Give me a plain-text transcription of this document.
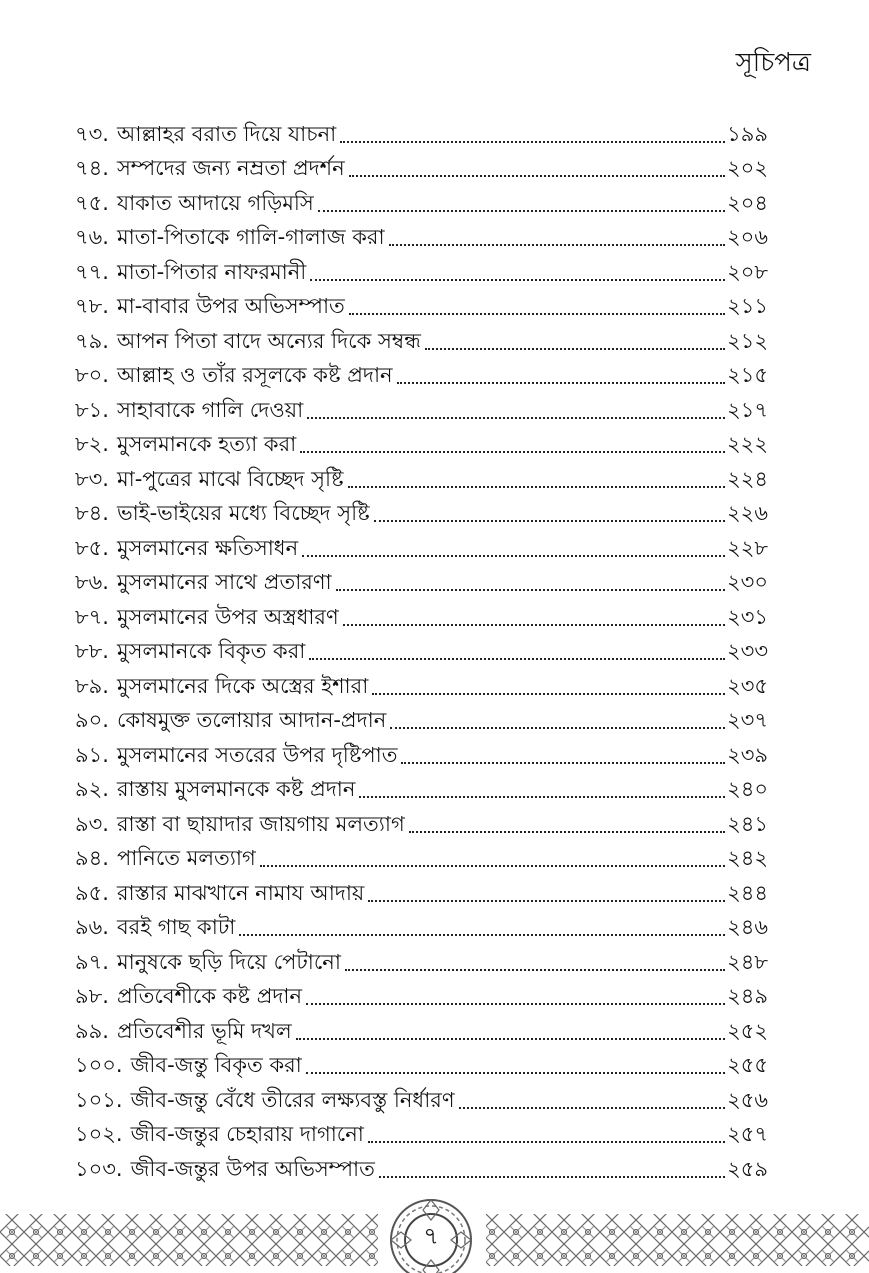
সূচিপত্র
৭৩. আল্লাহর বরাত দিয়ে যাচনা	১৯৯
৭৪. সম্পদের জন্য নম্রতা প্রদর্শন	২০২
৭৫. যাকাত আদায়ে গড়িমসি	২০৪
৭৬. মাতা-পিতাকে গালি-গালাজ করা	২০৬
৭৭. মাতা-পিতার নাফরমানী	২০৮
৭৮. মা-বাবার উপর অভিসম্পাত	২১১
৭৯. আপন পিতা বাদে অন্যের দিকে সম্বন্ধ	২১২
৮০. আল্লাহ ও তাঁর রসূলকে কষ্ট প্রদান	২১৫
৮১. সাহাবাকে গালি দেওয়া	২১৭
৮২. মুসলমানকে হত্যা করা	২২২
৮৩. মা-পুত্রের মাঝে বিচ্ছেদ সৃষ্টি	২২৪
৮৪. ভাই-ভাইয়ের মধ্যে বিচ্ছেদ সৃষ্টি	২২৬
৮৫. মুসলমানের ক্ষতিসাধন	২২৮
৮৬. মুসলমানের সাথে প্রতারণা	২৩০
৮৭. মুসলমানের উপর অস্ত্রধারণ	২৩১
৮৮. মুসলমানকে বিকৃত করা	২৩৩
৮৯. মুসলমানের দিকে অস্ত্রের ইশারা	২৩৫
৯০. কোষমুক্ত তলোয়ার আদান-প্রদান	২৩৭
৯১. মুসলমানের সতরের উপর দৃষ্টিপাত	২৩৯
৯২. রাস্তায় মুসলমানকে কষ্ট প্রদান	২৪০
৯৩. রাস্তা বা ছায়াদার জায়গায় মলত্যাগ	২৪১
৯৪. পানিতে মলত্যাগ	২৪২
৯৫. রাস্তার মাঝখানে নামায আদায়	২৪৪
৯৬. বরই গাছ কাটা	২৪৬
৯৭. মানুষকে ছড়ি দিয়ে পেটানো	২৪৮
৯৮. প্রতিবেশীকে কষ্ট প্রদান	২৪৯
৯৯. প্রতিবেশীর ভূমি দখল	২৫২
১০০. জীব-জন্তু বিকৃত করা	২৫৫
১০১. জীব-জন্তু বেঁধে তীরের লক্ষ্যবস্তু নির্ধারণ	২৫৬
১০২. জীব-জন্তুর চেহারায় দাগানো	২৫৭
১০৩. জীব-জন্তুর উপর অভিসম্পাত	২৫৯
৭
